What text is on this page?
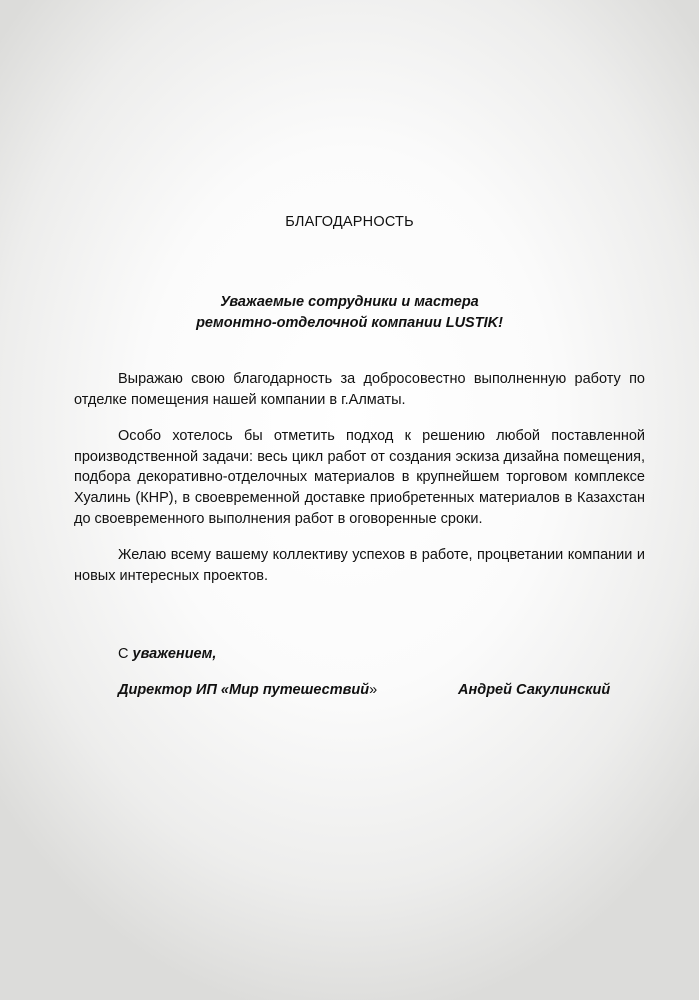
БЛАГОДАРНОСТЬ
Уважаемые сотрудники и мастера
ремонтно-отделочной компании LUSTIK!

Выражаю свою благодарность за добросовестно выполненную работу по отделке помещения нашей компании в г.Алматы.

Особо хотелось бы отметить подход к решению любой поставленной производственной задачи: весь цикл работ от создания эскиза дизайна помещения, подбора декоративно-отделочных материалов в крупнейшем торговом комплексе Хуалинь (КНР), в своевременной доставке приобретенных материалов в Казахстан до своевременного выполнения работ в оговоренные сроки.

Желаю всему вашему коллективу успехов в работе, процветании компании и новых интересных проектов.

С уважением,
Директор ИП «Мир путешествий»	Андрей Сакулинский
